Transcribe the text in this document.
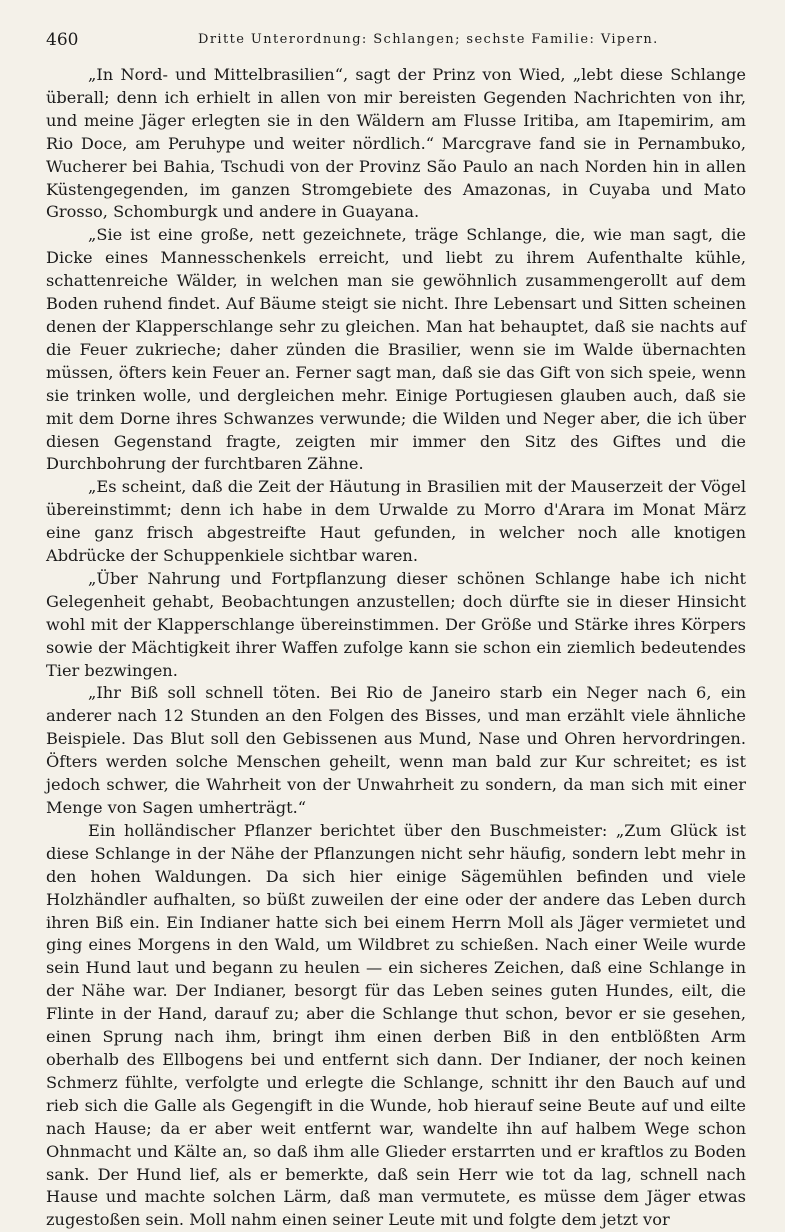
460	Dritte Unterordnung: Schlangen; sechste Familie: Vipern.

„In Nord- und Mittelbrasilien“, sagt der Prinz von Wied, „lebt diese Schlange überall; denn ich erhielt in allen von mir bereisten Gegenden Nachrichten von ihr, und meine Jäger erlegten sie in den Wäldern am Flusse Iritiba, am Itapemirim, am Rio Doce, am Peruhype und weiter nördlich.“ Marcgrave fand sie in Pernambuko, Wucherer bei Bahia, Tschudi von der Provinz São Paulo an nach Norden hin in allen Küstengegenden, im ganzen Stromgebiete des Amazonas, in Cuyaba und Mato Grosso, Schomburgk und andere in Guayana.

„Sie ist eine große, nett gezeichnete, träge Schlange, die, wie man sagt, die Dicke eines Mannesschenkels erreicht, und liebt zu ihrem Aufenthalte kühle, schattenreiche Wälder, in welchen man sie gewöhnlich zusammengerollt auf dem Boden ruhend findet. Auf Bäume steigt sie nicht. Ihre Lebensart und Sitten scheinen denen der Klapperschlange sehr zu gleichen. Man hat behauptet, daß sie nachts auf die Feuer zukrieche; daher zünden die Brasilier, wenn sie im Walde übernachten müssen, öfters kein Feuer an. Ferner sagt man, daß sie das Gift von sich speie, wenn sie trinken wolle, und dergleichen mehr. Einige Portugiesen glauben auch, daß sie mit dem Dorne ihres Schwanzes verwunde; die Wilden und Neger aber, die ich über diesen Gegenstand fragte, zeigten mir immer den Sitz des Giftes und die Durchbohrung der furchtbaren Zähne.

„Es scheint, daß die Zeit der Häutung in Brasilien mit der Mauserzeit der Vögel übereinstimmt; denn ich habe in dem Urwalde zu Morro d'Arara im Monat März eine ganz frisch abgestreifte Haut gefunden, in welcher noch alle knotigen Abdrücke der Schuppenkiele sichtbar waren.

„Über Nahrung und Fortpflanzung dieser schönen Schlange habe ich nicht Gelegenheit gehabt, Beobachtungen anzustellen; doch dürfte sie in dieser Hinsicht wohl mit der Klapperschlange übereinstimmen. Der Größe und Stärke ihres Körpers sowie der Mächtigkeit ihrer Waffen zufolge kann sie schon ein ziemlich bedeutendes Tier bezwingen.

„Ihr Biß soll schnell töten. Bei Rio de Janeiro starb ein Neger nach 6, ein anderer nach 12 Stunden an den Folgen des Bisses, und man erzählt viele ähnliche Beispiele. Das Blut soll den Gebissenen aus Mund, Nase und Ohren hervordringen. Öfters werden solche Menschen geheilt, wenn man bald zur Kur schreitet; es ist jedoch schwer, die Wahrheit von der Unwahrheit zu sondern, da man sich mit einer Menge von Sagen umherträgt.“

Ein holländischer Pflanzer berichtet über den Buschmeister: „Zum Glück ist diese Schlange in der Nähe der Pflanzungen nicht sehr häufig, sondern lebt mehr in den hohen Waldungen. Da sich hier einige Sägemühlen befinden und viele Holzhändler aufhalten, so büßt zuweilen der eine oder der andere das Leben durch ihren Biß ein. Ein Indianer hatte sich bei einem Herrn Moll als Jäger vermietet und ging eines Morgens in den Wald, um Wildbret zu schießen. Nach einer Weile wurde sein Hund laut und begann zu heulen — ein sicheres Zeichen, daß eine Schlange in der Nähe war. Der Indianer, besorgt für das Leben seines guten Hundes, eilt, die Flinte in der Hand, darauf zu; aber die Schlange thut schon, bevor er sie gesehen, einen Sprung nach ihm, bringt ihm einen derben Biß in den entblößten Arm oberhalb des Ellbogens bei und entfernt sich dann. Der Indianer, der noch keinen Schmerz fühlte, verfolgte und erlegte die Schlange, schnitt ihr den Bauch auf und rieb sich die Galle als Gegengift in die Wunde, hob hierauf seine Beute auf und eilte nach Hause; da er aber weit entfernt war, wandelte ihn auf halbem Wege schon Ohnmacht und Kälte an, so daß ihm alle Glieder erstarrten und er kraftlos zu Boden sank. Der Hund lief, als er bemerkte, daß sein Herr wie tot da lag, schnell nach Hause und machte solchen Lärm, daß man vermutete, es müsse dem Jäger etwas zugestoßen sein. Moll nahm einen seiner Leute mit und folgte dem jetzt vor
